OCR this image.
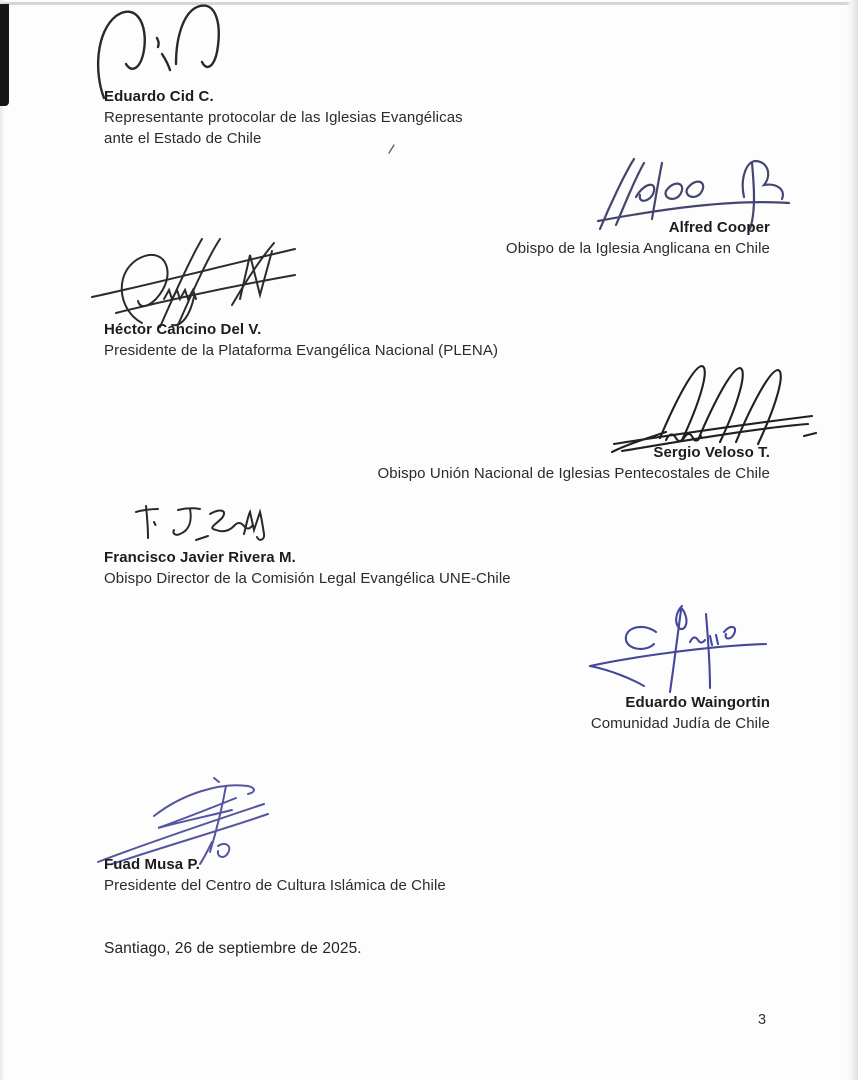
Eduardo Cid C.
Representante protocolar de las Iglesias Evangélicas
ante el Estado de Chile
Alfred Cooper
Obispo de la Iglesia Anglicana en Chile
Héctor Cancino Del V.
Presidente de la Plataforma Evangélica Nacional (PLENA)
Sergio Veloso T.
Obispo Unión Nacional de Iglesias Pentecostales de Chile
Francisco Javier Rivera M.
Obispo Director de la Comisión Legal Evangélica UNE-Chile
Eduardo Waingortin
Comunidad Judía de Chile
Fuad Musa P.
Presidente del Centro de Cultura Islámica de Chile
Santiago, 26 de septiembre de 2025.
3
